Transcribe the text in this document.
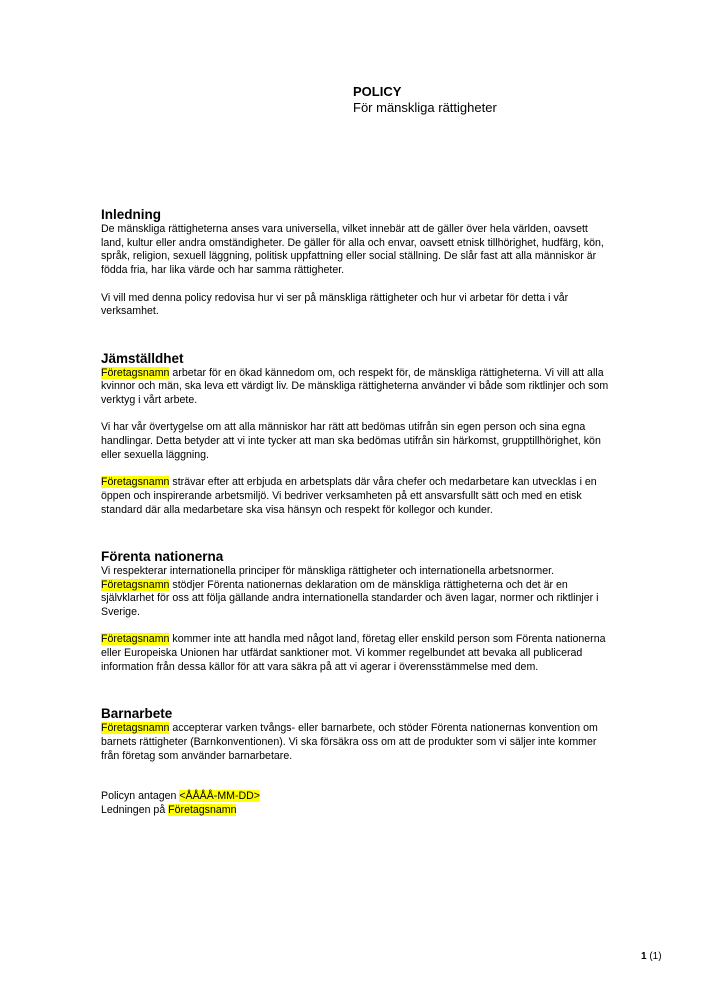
POLICY
För mänskliga rättigheter
Inledning

De mänskliga rättigheterna anses vara universella, vilket innebär att de gäller över hela världen, oavsett land, kultur eller andra omständigheter. De gäller för alla och envar, oavsett etnisk tillhörighet, hudfärg, kön, språk, religion, sexuell läggning, politisk uppfattning eller social ställning. De slår fast att alla människor är födda fria, har lika värde och har samma rättigheter.

Vi vill med denna policy redovisa hur vi ser på mänskliga rättigheter och hur vi arbetar för detta i vår verksamhet.

Jämställdhet

Företagsnamn arbetar för en ökad kännedom om, och respekt för, de mänskliga rättigheterna. Vi vill att alla kvinnor och män, ska leva ett värdigt liv. De mänskliga rättigheterna använder vi både som riktlinjer och som verktyg i vårt arbete.

Vi har vår övertygelse om att alla människor har rätt att bedömas utifrån sin egen person och sina egna handlingar. Detta betyder att vi inte tycker att man ska bedömas utifrån sin härkomst, grupptillhörighet, kön eller sexuella läggning.

Företagsnamn strävar efter att erbjuda en arbetsplats där våra chefer och medarbetare kan utvecklas i en öppen och inspirerande arbetsmiljö. Vi bedriver verksamheten på ett ansvarsfullt sätt och med en etisk standard där alla medarbetare ska visa hänsyn och respekt för kollegor och kunder.

Förenta nationerna

Vi respekterar internationella principer för mänskliga rättigheter och internationella arbetsnormer. Företagsnamn stödjer Förenta nationernas deklaration om de mänskliga rättigheterna och det är en självklarhet för oss att följa gällande andra internationella standarder och även lagar, normer och riktlinjer i Sverige.

Företagsnamn kommer inte att handla med något land, företag eller enskild person som Förenta nationerna eller Europeiska Unionen har utfärdat sanktioner mot. Vi kommer regelbundet att bevaka all publicerad information från dessa källor för att vara säkra på att vi agerar i överensstämmelse med dem.

Barnarbete

Företagsnamn accepterar varken tvångs- eller barnarbete, och stöder Förenta nationernas konvention om barnets rättigheter (Barnkonventionen). Vi ska försäkra oss om att de produkter som vi säljer inte kommer från företag som använder barnarbetare.

Policyn antagen <ÅÅÅÅ-MM-DD>
Ledningen på Företagsnamn
1 (1)
